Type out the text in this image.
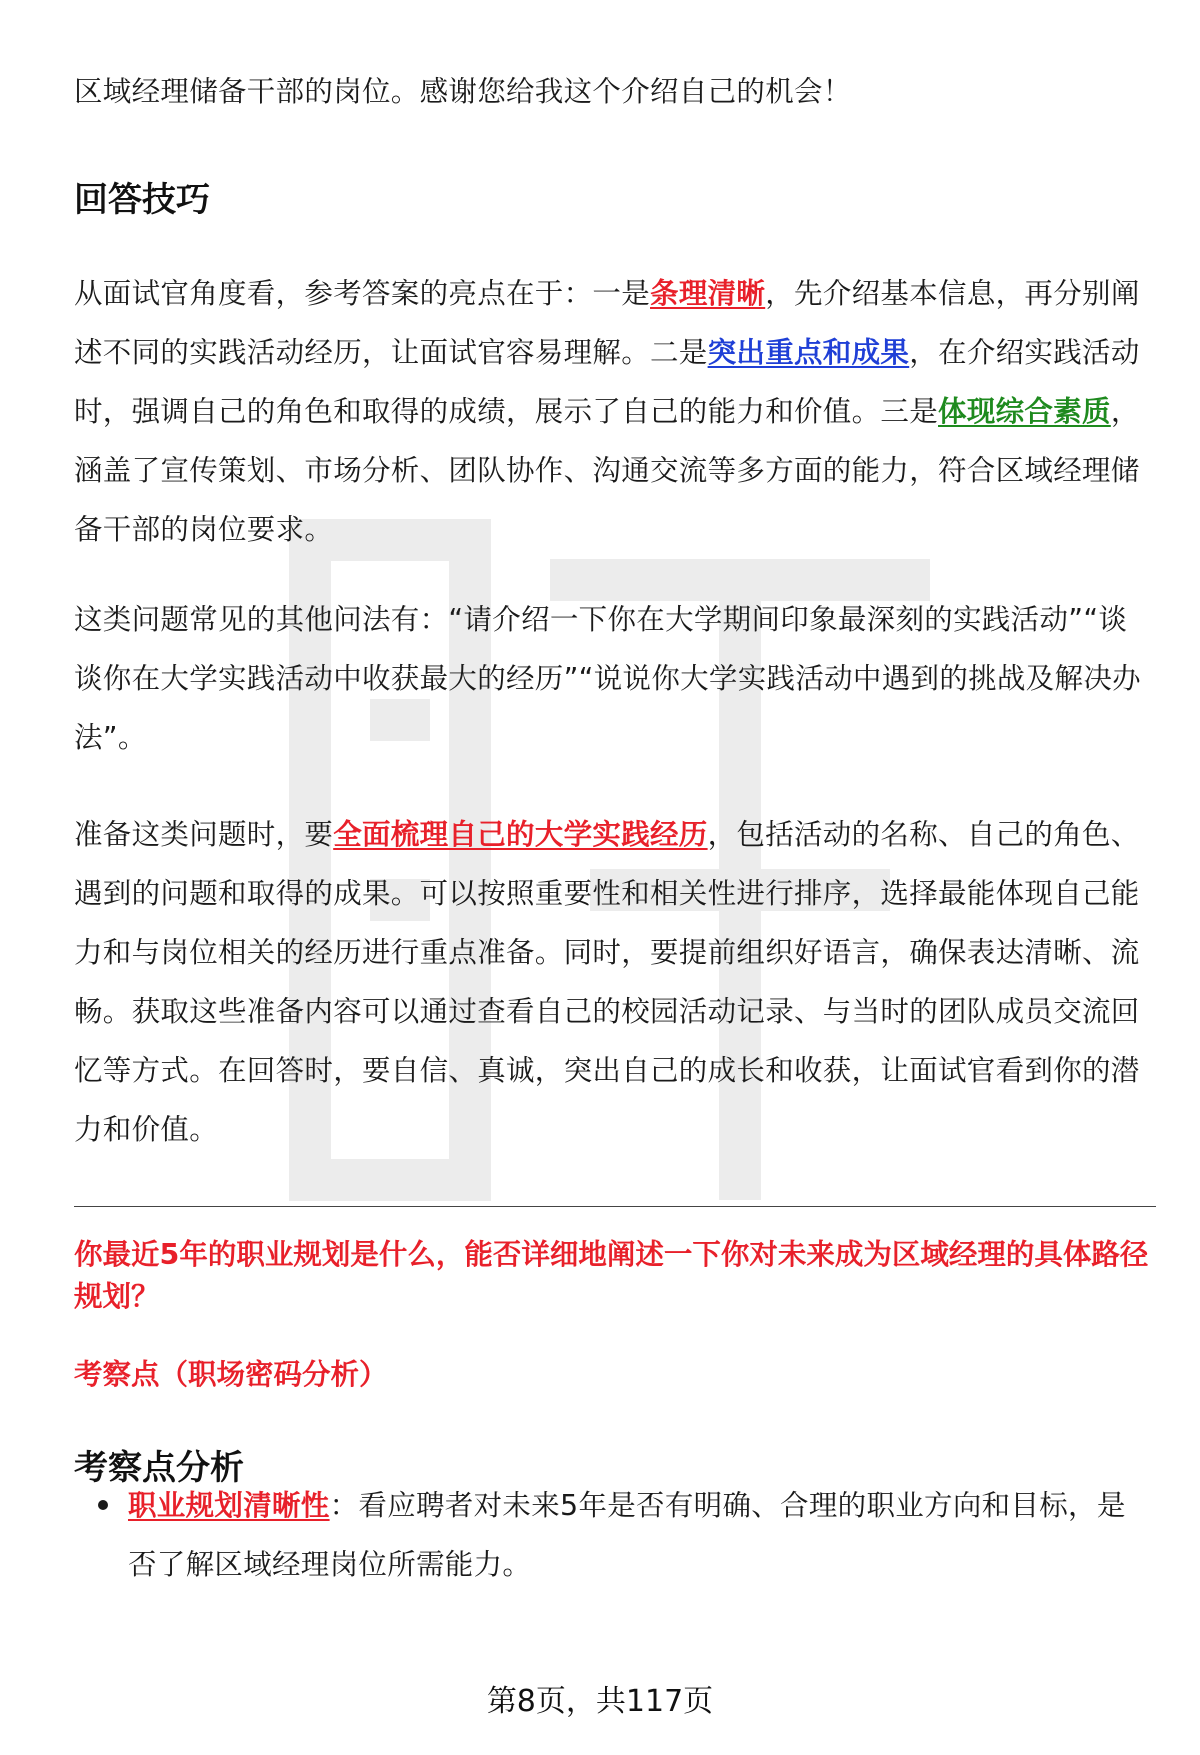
区域经理储备干部的岗位。感谢您给我这个介绍自己的机会！

回答技巧

从面试官角度看，参考答案的亮点在于：一是条理清晰，先介绍基本信息，再分别阐述不同的实践活动经历，让面试官容易理解。二是突出重点和成果，在介绍实践活动时，强调自己的角色和取得的成绩，展示了自己的能力和价值。三是体现综合素质，涵盖了宣传策划、市场分析、团队协作、沟通交流等多方面的能力，符合区域经理储备干部的岗位要求。

这类问题常见的其他问法有：“请介绍一下你在大学期间印象最深刻的实践活动”“谈谈你在大学实践活动中收获最大的经历”“说说你大学实践活动中遇到的挑战及解决办法”。

准备这类问题时，要全面梳理自己的大学实践经历，包括活动的名称、自己的角色、遇到的问题和取得的成果。可以按照重要性和相关性进行排序，选择最能体现自己能力和与岗位相关的经历进行重点准备。同时，要提前组织好语言，确保表达清晰、流畅。获取这些准备内容可以通过查看自己的校园活动记录、与当时的团队成员交流回忆等方式。在回答时，要自信、真诚，突出自己的成长和收获，让面试官看到你的潜力和价值。

你最近5年的职业规划是什么，能否详细地阐述一下你对未来成为区域经理的具体路径规划？

考察点（职场密码分析）

考察点分析

职业规划清晰性：看应聘者对未来5年是否有明确、合理的职业方向和目标，是否了解区域经理岗位所需能力。

第8页，共117页
